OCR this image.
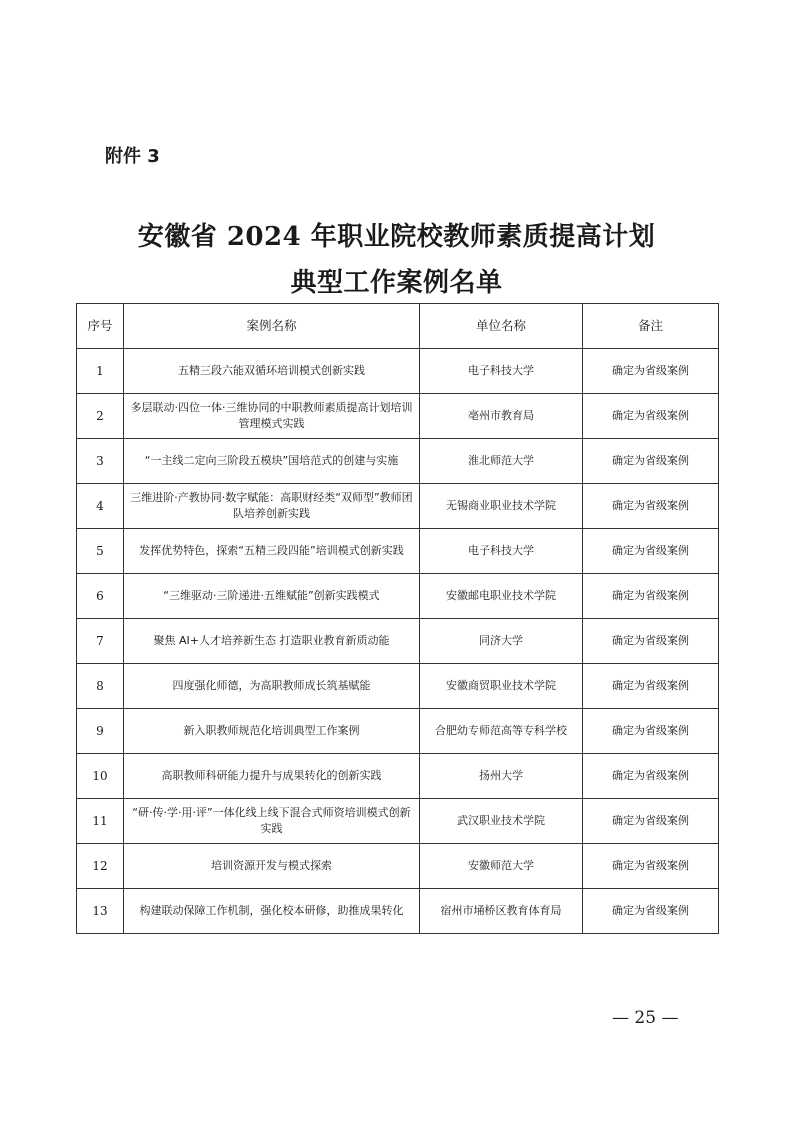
附件 3
安徽省 2024 年职业院校教师素质提高计划
典型工作案例名单
序号	案例名称	单位名称	备注
1	五精三段六能双循环培训模式创新实践	电子科技大学	确定为省级案例
2	多层联动·四位一体·三维协同的中职教师素质提高计划培训管理模式实践	亳州市教育局	确定为省级案例
3	“一主线二定向三阶段五模块”国培范式的创建与实施	淮北师范大学	确定为省级案例
4	三维进阶·产教协同·数字赋能：高职财经类“双师型”教师团队培养创新实践	无锡商业职业技术学院	确定为省级案例
5	发挥优势特色，探索“五精三段四能”培训模式创新实践	电子科技大学	确定为省级案例
6	“三维驱动·三阶递进·五维赋能”创新实践模式	安徽邮电职业技术学院	确定为省级案例
7	聚焦 AI+人才培养新生态 打造职业教育新质动能	同济大学	确定为省级案例
8	四度强化师德，为高职教师成长筑基赋能	安徽商贸职业技术学院	确定为省级案例
9	新入职教师规范化培训典型工作案例	合肥幼专师范高等专科学校	确定为省级案例
10	高职教师科研能力提升与成果转化的创新实践	扬州大学	确定为省级案例
11	“研·传·学·用·评”一体化线上线下混合式师资培训模式创新实践	武汉职业技术学院	确定为省级案例
12	培训资源开发与模式探索	安徽师范大学	确定为省级案例
13	构建联动保障工作机制，强化校本研修，助推成果转化	宿州市埇桥区教育体育局	确定为省级案例
— 25 —
